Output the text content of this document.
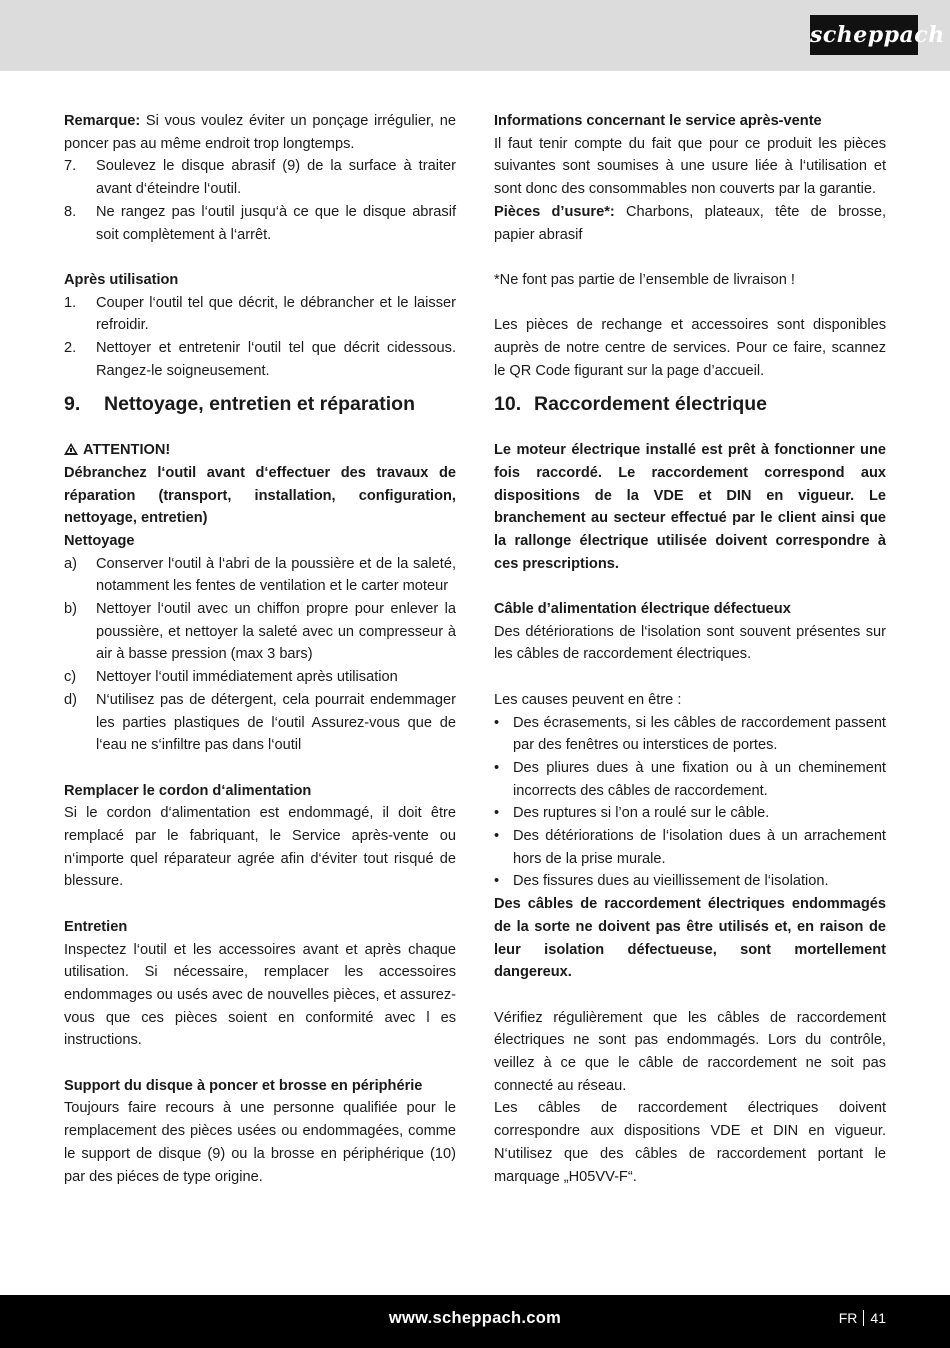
scheppach

Remarque: Si vous voulez éviter un ponçage irrégulier, ne poncer pas au même endroit trop longtemps.

7.	Soulevez le disque abrasif (9) de la surface à traiter avant d‘éteindre l‘outil.
8.	Ne rangez pas l‘outil jusqu‘à ce que le disque abrasif soit complètement à l‘arrêt.

Après utilisation

1.	Couper l‘outil tel que décrit, le débrancher et le laisser refroidir.
2.	Nettoyer et entretenir l‘outil tel que décrit cidessous. Rangez-le soigneusement.
9.	Nettoyage, entretien et réparation

ATTENTION!

Débranchez l‘outil avant d‘effectuer des travaux de réparation (transport, installation, configuration, nettoyage, entretien)

Nettoyage

a)	Conserver l‘outil à l‘abri de la poussière et de la saleté, notamment les fentes de ventilation et le carter moteur
b)	Nettoyer l‘outil avec un chiffon propre pour enlever la poussière, et nettoyer la saleté avec un compresseur à air à basse pression (max 3 bars)
c)	Nettoyer l‘outil immédiatement après utilisation
d)	N‘utilisez pas de détergent, cela pourrait endemmager les parties plastiques de l‘outil Assurez-vous que de l‘eau ne s‘infiltre pas dans l‘outil

Remplacer le cordon d‘alimentation

Si le cordon d‘alimentation est endommagé, il doit être remplacé par le fabriquant, le Service après-vente ou n‘importe quel réparateur agrée afin d‘éviter tout risqué de blessure.

Entretien

Inspectez l‘outil et les accessoires avant et après chaque utilisation. Si nécessaire, remplacer les accessoires endommages ou usés avec de nouvelles pièces, et assurez-vous que ces pièces soient en conformité avec l es instructions.

Support du disque à poncer et brosse en périphérie

Toujours faire recours à une personne qualifiée pour le remplacement des pièces usées ou endommagées, comme le support de disque (9) ou la brosse en périphérique (10) par des piéces de type origine.

Informations concernant le service après-vente

Il faut tenir compte du fait que pour ce produit les pièces suivantes sont soumises à une usure liée à l‘utilisation et sont donc des consommables non couverts par la garantie.

Pièces d’usure*: Charbons, plateaux, tête de brosse, papier abrasif

*Ne font pas partie de l’ensemble de livraison !

Les pièces de rechange et accessoires sont disponibles auprès de notre centre de services. Pour ce faire, scannez le QR Code figurant sur la page d’accueil.

10. Raccordement électrique

Le moteur électrique installé est prêt à fonctionner une fois raccordé. Le raccordement correspond aux dispositions de la VDE et DIN en vigueur. Le branchement au secteur effectué par le client ainsi que la rallonge électrique utilisée doivent correspondre à ces prescriptions.

Câble d’alimentation électrique défectueux

Des détériorations de l‘isolation sont souvent présentes sur les câbles de raccordement électriques.

Les causes peuvent en être :

• Des écrasements, si les câbles de raccordement passent par des fenêtres ou interstices de portes.
• Des pliures dues à une fixation ou à un cheminement incorrects des câbles de raccordement.
• Des ruptures si l’on a roulé sur le câble.
• Des détériorations de l‘isolation dues à un arrachement hors de la prise murale.
• Des fissures dues au vieillissement de l‘isolation.

Des câbles de raccordement électriques endommagés de la sorte ne doivent pas être utilisés et, en raison de leur isolation défectueuse, sont mortellement dangereux.

Vérifiez régulièrement que les câbles de raccordement électriques ne sont pas endommagés. Lors du contrôle, veillez à ce que le câble de raccordement ne soit pas connecté au réseau.

Les câbles de raccordement électriques doivent correspondre aux dispositions VDE et DIN en vigueur. N‘utilisez que des câbles de raccordement portant le marquage „H05VV-F“.

www.scheppach.com	FR 41
